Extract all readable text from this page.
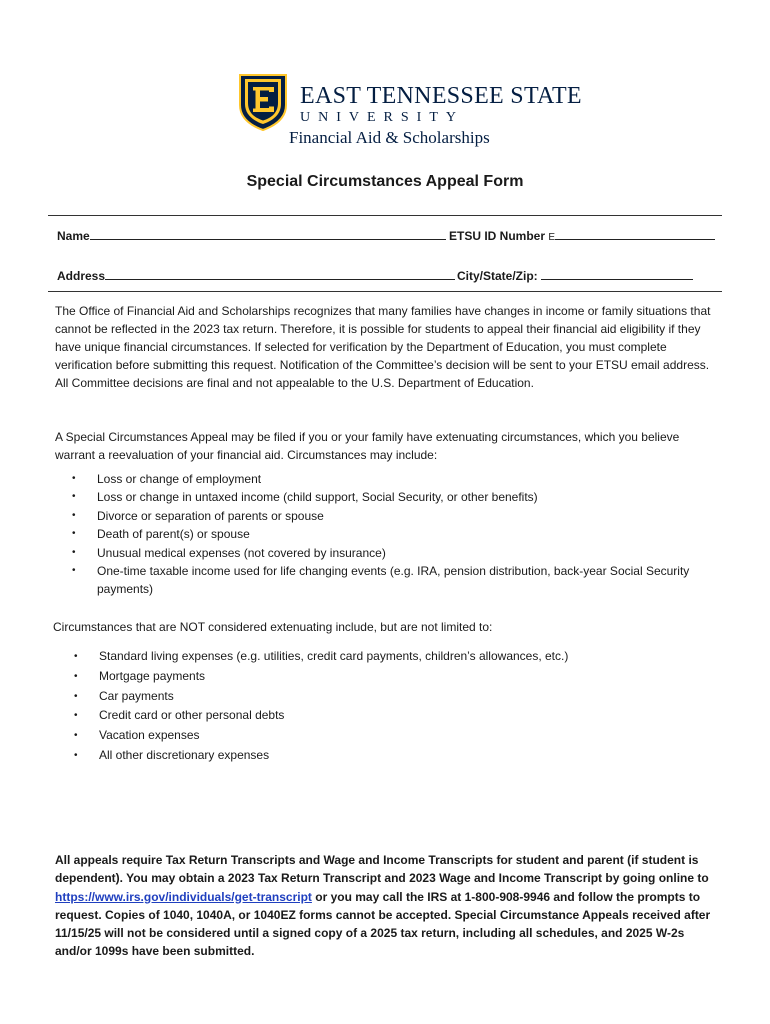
EAST TENNESSEE STATE
UNIVERSITY
Financial Aid & Scholarships
Special Circumstances Appeal Form
Name	ETSU ID Number E
Address	City/State/Zip:

The Office of Financial Aid and Scholarships recognizes that many families have changes in income or family situations that cannot be reflected in the 2023 tax return. Therefore, it is possible for students to appeal their financial aid eligibility if they have unique financial circumstances. If selected for verification by the Department of Education, you must complete verification before submitting this request. Notification of the Committee’s decision will be sent to your ETSU email address. All Committee decisions are final and not appealable to the U.S. Department of Education.

A Special Circumstances Appeal may be filed if you or your family have extenuating circumstances, which you believe warrant a reevaluation of your financial aid. Circumstances may include:

• Loss or change of employment
• Loss or change in untaxed income (child support, Social Security, or other benefits)
• Divorce or separation of parents or spouse
• Death of parent(s) or spouse
• Unusual medical expenses (not covered by insurance)
• One-time taxable income used for life changing events (e.g. IRA, pension distribution, back-year Social Security payments)

Circumstances that are NOT considered extenuating include, but are not limited to:

• Standard living expenses (e.g. utilities, credit card payments, children’s allowances, etc.)
• Mortgage payments
• Car payments
• Credit card or other personal debts
• Vacation expenses
• All other discretionary expenses

All appeals require Tax Return Transcripts and Wage and Income Transcripts for student and parent (if student is dependent). You may obtain a 2023 Tax Return Transcript and 2023 Wage and Income Transcript by going online to https://www.irs.gov/individuals/get-transcript or you may call the IRS at 1-800-908-9946 and follow the prompts to request. Copies of 1040, 1040A, or 1040EZ forms cannot be accepted. Special Circumstance Appeals received after 11/15/25 will not be considered until a signed copy of a 2025 tax return, including all schedules, and 2025 W-2s and/or 1099s have been submitted.
